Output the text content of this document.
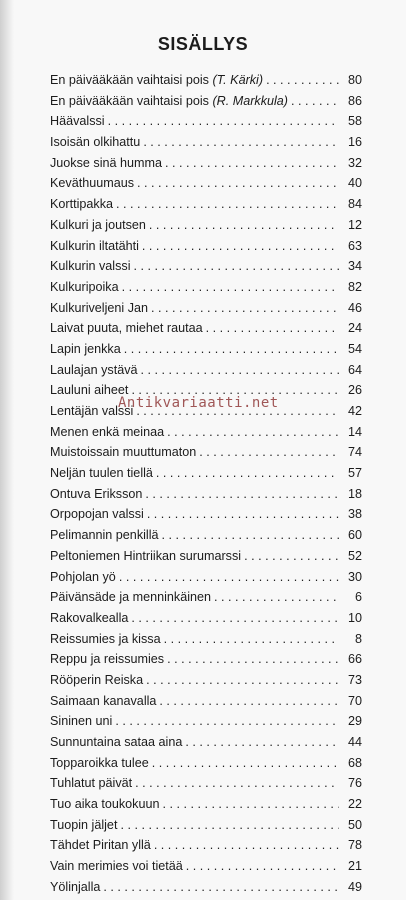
SISÄLLYS
En päivääkään vaihtaisi pois (T. Kärki) . . .	80
En päivääkään vaihtaisi pois (R. Markkula) . . .	86
Häävalssi . . .	58
Isoisän olkihattu . . .	16
Juokse sinä humma . . .	32
Keväthuumaus . . .	40
Korttipakka . . .	84
Kulkuri ja joutsen . . .	12
Kulkurin iltatähti . . .	63
Kulkurin valssi . . .	34
Kulkuripoika . . .	82
Kulkuriveljeni Jan . . .	46
Laivat puuta, miehet rautaa . . .	24
Lapin jenkka . . .	54
Laulajan ystävä . . .	64
Lauluni aiheet . . .	26
Lentäjän valssi . . .	42
Menen enkä meinaa . . .	14
Muistoissain muuttumaton . . .	74
Neljän tuulen tiellä . . .	57
Ontuva Eriksson . . .	18
Orpopojan valssi . . .	38
Pelimannin penkillä . . .	60
Peltoniemen Hintriikan surumarssi . . .	52
Pohjolan yö . . .	30
Päivänsäde ja menninkäinen . . .	6
Rakovalkealla . . .	10
Reissumies ja kissa . . .	8
Reppu ja reissumies . . .	66
Rööperin Reiska . . .	73
Saimaan kanavalla . . .	70
Sininen uni . . .	29
Sunnuntaina sataa aina . . .	44
Topparoikka tulee . . .	68
Tuhlatut päivät . . .	76
Tuo aika toukokuun . . .	22
Tuopin jäljet . . .	50
Tähdet Piritan yllä . . .	78
Vain merimies voi tietää . . .	21
Yölinjalla . . .	49
Antikvariaatti.net
